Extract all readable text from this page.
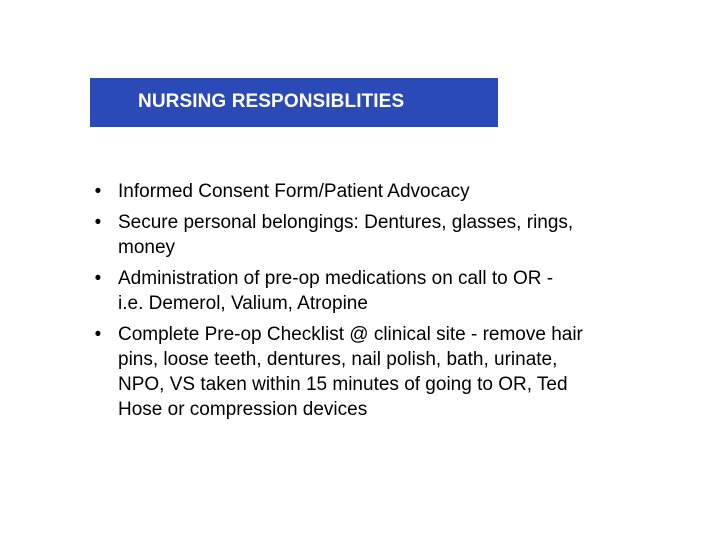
NURSING RESPONSIBLITIES
• Informed Consent Form/Patient Advocacy
• Secure personal belongings: Dentures, glasses, rings,
money
• Administration of pre-op medications on call to OR -
i.e. Demerol, Valium, Atropine
• Complete Pre-op Checklist @ clinical site - remove hair
pins, loose teeth, dentures, nail polish, bath, urinate,
NPO, VS taken within 15 minutes of going to OR, Ted
Hose or compression devices
